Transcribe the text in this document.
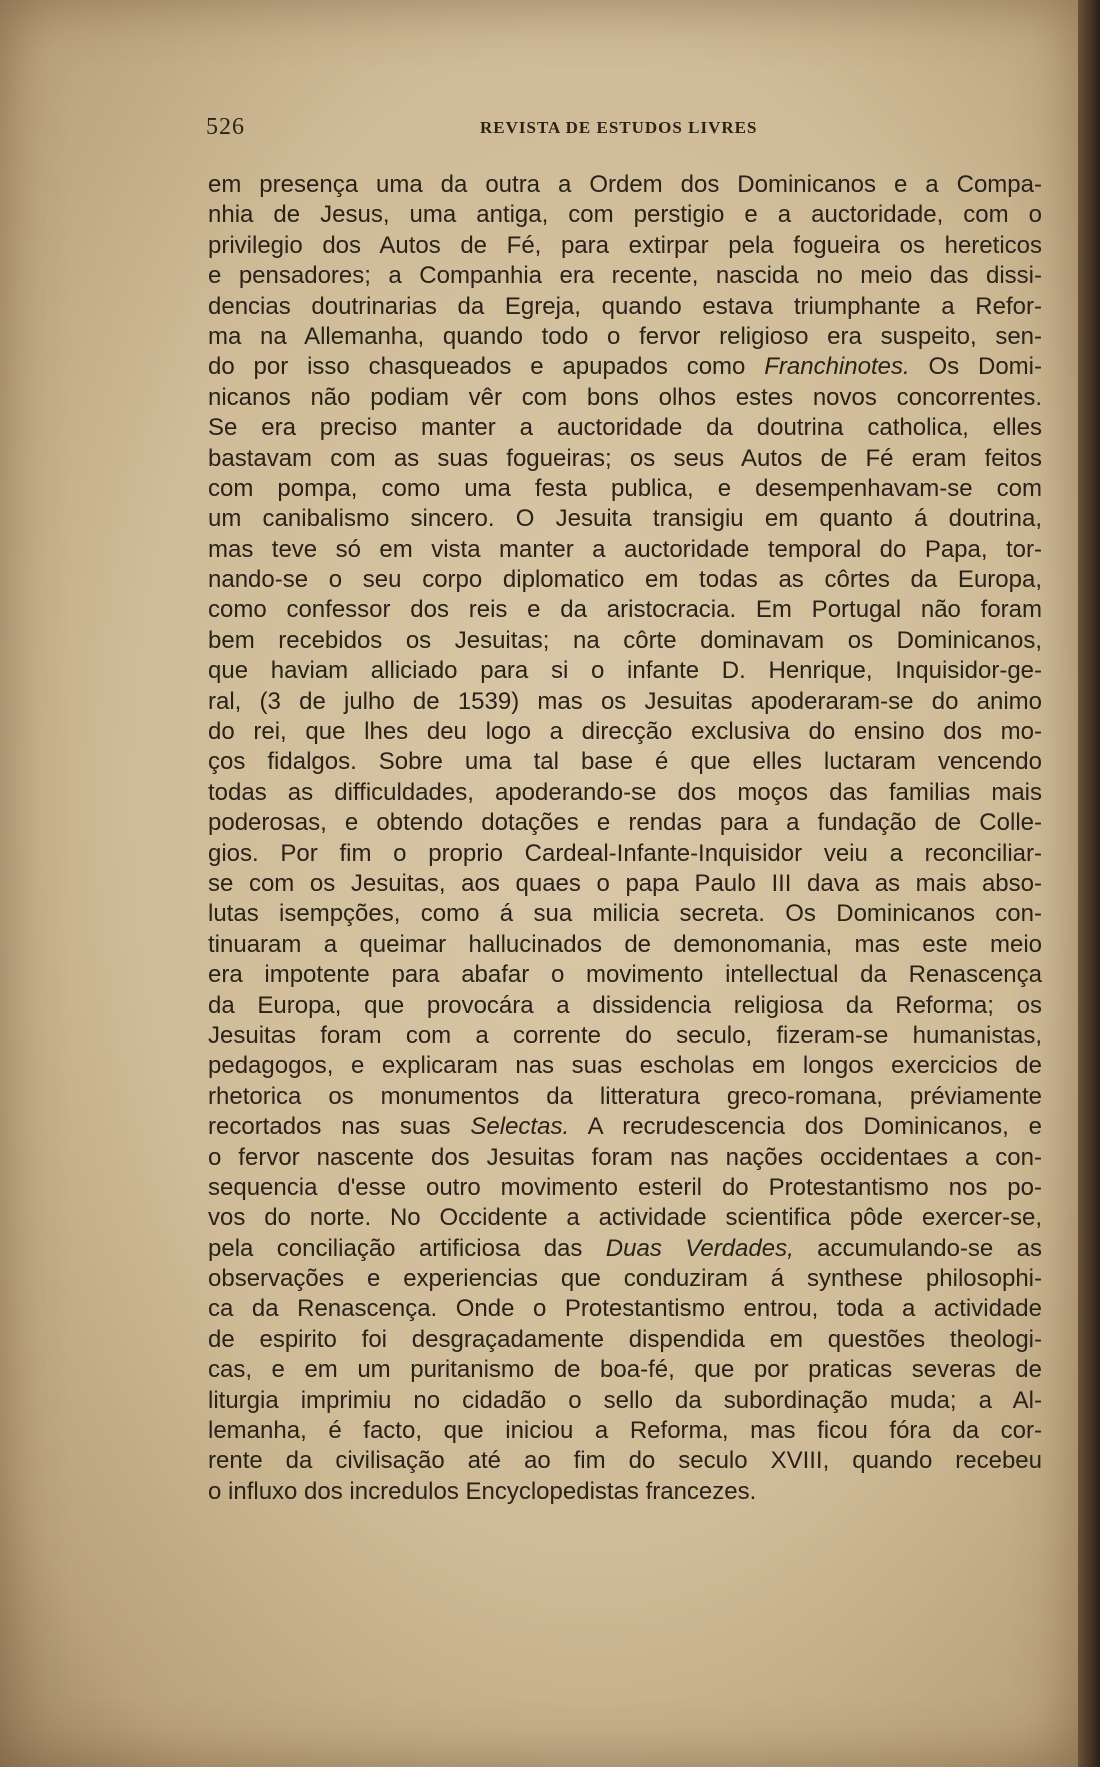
526	REVISTA DE ESTUDOS LIVRES
em presença uma da outra a Ordem dos Dominicanos e a Compa-
nhia de Jesus, uma antiga, com perstigio e a auctoridade, com o
privilegio dos Autos de Fé, para extirpar pela fogueira os hereticos
e pensadores; a Companhia era recente, nascida no meio das dissi-
dencias doutrinarias da Egreja, quando estava triumphante a Refor-
ma na Allemanha, quando todo o fervor religioso era suspeito, sen-
do por isso chasqueados e apupados como Franchinotes. Os Domi-
nicanos não podiam vêr com bons olhos estes novos concorrentes.
Se era preciso manter a auctoridade da doutrina catholica, elles
bastavam com as suas fogueiras; os seus Autos de Fé eram feitos
com pompa, como uma festa publica, e desempenhavam-se com
um canibalismo sincero. O Jesuita transigiu em quanto á doutrina,
mas teve só em vista manter a auctoridade temporal do Papa, tor-
nando-se o seu corpo diplomatico em todas as côrtes da Europa,
como confessor dos reis e da aristocracia. Em Portugal não foram
bem recebidos os Jesuitas; na côrte dominavam os Dominicanos,
que haviam alliciado para si o infante D. Henrique, Inquisidor-ge-
ral, (3 de julho de 1539) mas os Jesuitas apoderaram-se do animo
do rei, que lhes deu logo a direcção exclusiva do ensino dos mo-
ços fidalgos. Sobre uma tal base é que elles luctaram vencendo
todas as difficuldades, apoderando-se dos moços das familias mais
poderosas, e obtendo dotações e rendas para a fundação de Colle-
gios. Por fim o proprio Cardeal-Infante-Inquisidor veiu a reconciliar-
se com os Jesuitas, aos quaes o papa Paulo III dava as mais abso-
lutas isempções, como á sua milicia secreta. Os Dominicanos con-
tinuaram a queimar hallucinados de demonomania, mas este meio
era impotente para abafar o movimento intellectual da Renascença
da Europa, que provocára a dissidencia religiosa da Reforma; os
Jesuitas foram com a corrente do seculo, fizeram-se humanistas,
pedagogos, e explicaram nas suas escholas em longos exercicios de
rhetorica os monumentos da litteratura greco-romana, préviamente
recortados nas suas Selectas. A recrudescencia dos Dominicanos, e
o fervor nascente dos Jesuitas foram nas nações occidentaes a con-
sequencia d'esse outro movimento esteril do Protestantismo nos po-
vos do norte. No Occidente a actividade scientifica pôde exercer-se,
pela conciliação artificiosa das Duas Verdades, accumulando-se as
observações e experiencias que conduziram á synthese philosophi-
ca da Renascença. Onde o Protestantismo entrou, toda a actividade
de espirito foi desgraçadamente dispendida em questões theologi-
cas, e em um puritanismo de boa-fé, que por praticas severas de
liturgia imprimiu no cidadão o sello da subordinação muda; a Al-
lemanha, é facto, que iniciou a Reforma, mas ficou fóra da cor-
rente da civilisação até ao fim do seculo XVIII, quando recebeu
o influxo dos incredulos Encyclopedistas francezes.
